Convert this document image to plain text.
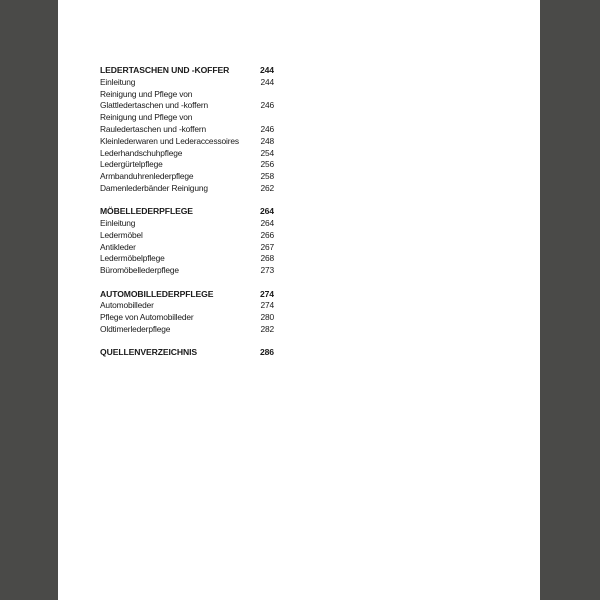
LEDERTASCHEN UND -KOFFER	244
Einleitung	244
Reinigung und Pflege von
Glattledertaschen und -koffern	246
Reinigung und Pflege von
Rauledertaschen und -koffern	246
Kleinlederwaren und Lederaccessoires	248
Lederhandschuhpflege	254
Ledergürtelpflege	256
Armbanduhrenlederpflege	258
Damenlederbänder Reinigung	262
MÖBELLEDERPFLEGE	264
Einleitung	264
Ledermöbel	266
Antikleder	267
Ledermöbelpflege	268
Büromöbellederpflege	273
AUTOMOBILLEDERPFLEGE	274
Automobilleder	274
Pflege von Automobilleder	280
Oldtimerlederpflege	282
QUELLENVERZEICHNIS	286
